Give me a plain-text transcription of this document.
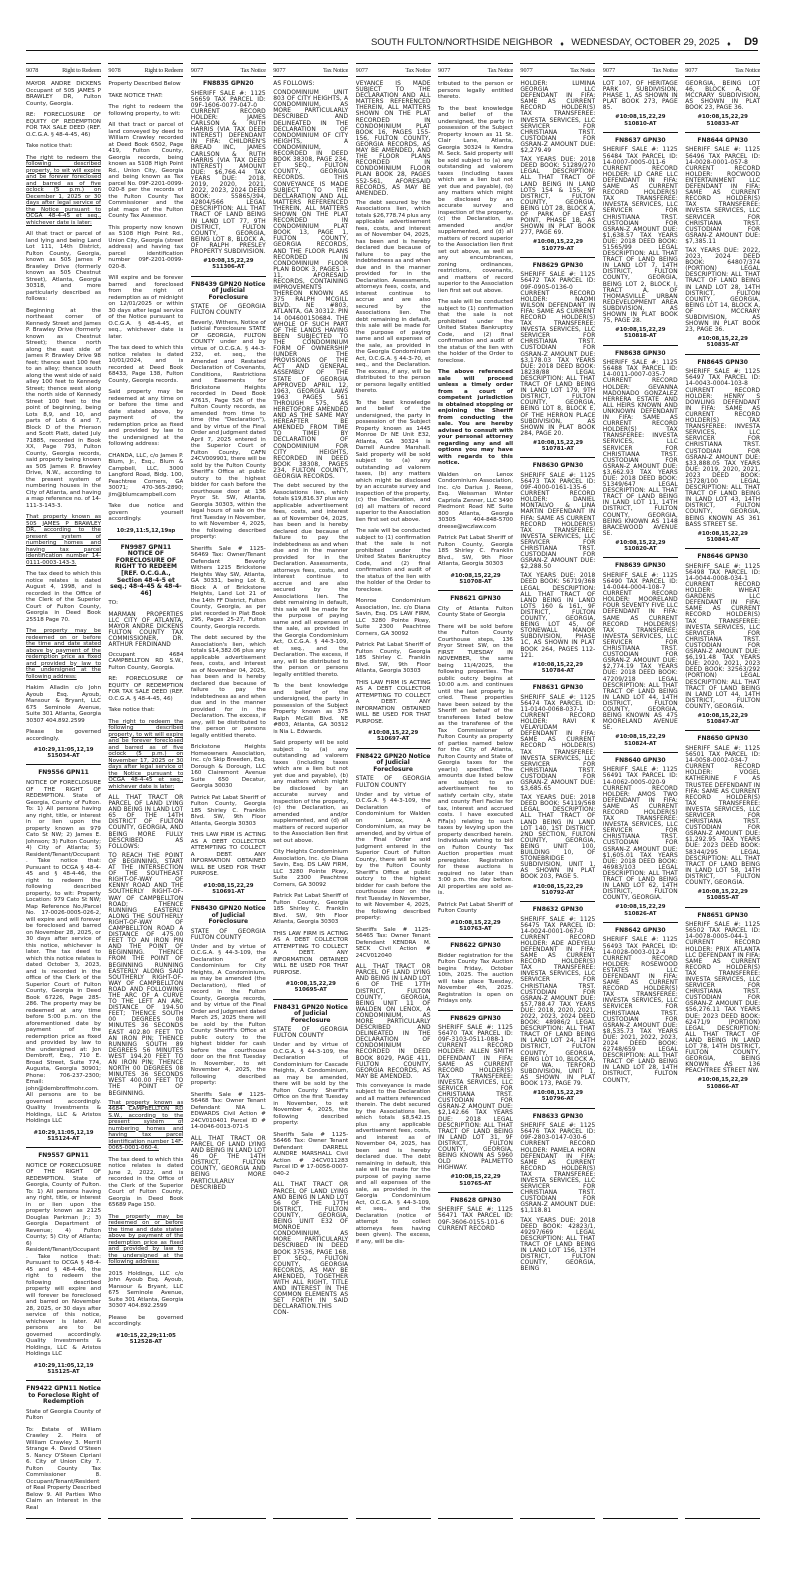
SOUTH FULTON/NORTHSIDE NEIGHBOR ♦ WEDNESDAY, OCTOBER 29, 2025 ♦ D9
9078	Right to Redeem

MAYOR ANDRE DICKENS Occupant of 505 JAMES P BRAWLEY DR, Fulton County, Georgia.

RE: FORECLOSURE OF EQUITY OF REDEMPTION FOR TAX SALE DEED (REF. O.C.G.A. § 48-4-45, 46)

Take notice that:

The right to redeem the following described property, to wit will expire and be forever foreclosed and barred as of five oclock (5 p.m.) on December 1, 2025 or 30 days after legal service of the Notice pursuant to OCGA 48-4-45 et seq., whichever date is later:

All that tract or parcel of land lying and being Land Lot 111, 14th District, Fulton County, Georgia, known as 505 James P Brawley Drive (formerly known as 505 Chestnut Street), Atlanta, Georgia 30318, and more particularly described as follows:

Beginning at the northeast corner of Kennedy Street and James P. Brawley Drive (formerly known as Chestnut Street); thence north along the east side of James P. Brawley Drive 98 feet; thence east 100 feet to an alley; thence south along the west side of said alley 100 feet to Kennedy Street; thence west along the north side of Kennedy Street 100 feet to the point of beginning, being Lots 8,9, and 10, and parts of Lots 6 and 7, Block D of the Frierson and Scott Platt, dated July 71885, recorded in Book XX, Page 793, Fulton County, Georgia records, said property being known as 505 James P. Brawley Drive, N.W., according to the present system of numbering houses in the City of Atlanta, and having a map reference no. of 14-111-3-143-3.

That property known as 505 JAMES P BRAWLEY DR, according to the present system of numbering homes and having tax parcel identification number 14-0111-0003-143-3.

The tax deed to which this notice relates is dated August 4, 1998, and is recorded in the Office of the Clerk of the Superior Court of Fulton County, Georgia in Deed Book 25518 Page 70.

The property may be redeemed on or before the time and date stated above by payment of the redemption price as fixed and provided by law to the undersigned at the following address:

Hakim Alladin c/o John Ayoub Esq. Ayoub, Mansour & Bryant, LLC 675 Seminole Avenue, Suite 301 Atlanta, Georgia 30307 404.892.2599

Please be governed accordingly.

#10:29,11:05,12,19 515034-AT

FN9556 GPN11

NOTICE OF FORECLOSURE OF THE RIGHT OF REDEMPTION. State of Georgia, County of Fulton. To: 1) All persons having any right, title, or interest in or lien upon the property known as 979 Cato St NW; 2) James E. Johnson; 3) Fulton County; 4) City of Atlanta; 5) Resident/Tenant/Occupant. Take notice that: Pursuant to OCGA § 48-4-45 and § 48-4-46, the right to redeem the following described property, to wit: Property Location: 979 Cato St NW; Map Reference No./Parcel No. 17-0026-0005-026-2, will expire and will forever be foreclosed and barred on November 28, 2025, or 30 days after service of this notice, whichever is later. The tax deed to which this notice relates is dated October 3, 2023, and is recorded in the office of the Clerk of the Superior Court of Fulton County, Georgia in Deed Book 67226, Page 285-286. The property may be redeemed at any time before 5:00 p.m. on the aforementioned date by payment of the redemption price as fixed and provided by law to the undersigned at: Jon Dembroff, Esq., 710 E. Broad Street, Suite 774, Augusta, Georgia 30901; Phone: 706-237-2300; Email: john@dembroffmohr.com. All persons are to be governed accordingly. Quality Investments & Holdings, LLC & Aristos Holdings LLC

#10:29,11:05,12,19 515124-AT

FN9557 GPN11

NOTICE OF FORECLOSURE OF THE RIGHT OF REDEMPTION. State of Georgia, County of Fulton. To: 1) All persons having any right, title, or interest in or lien upon the property known as 2125 Douglas Parkman Jr.; 3) Georgia Department of Revenue; 4) Fulton County; 5) City of Atlanta; 6) Resident/Tenant/Occupant. Take notice that: Pursuant to OCGA § 48-4-45 and § 48-4-46, the right to redeem the following described property will expire and will forever be foreclosed and barred on November 28, 2025, or 30 days after service of this notice, whichever is later. All persons are to be governed accordingly. Quality Investments & Holdings, LLC & Aristos Holdings LLC

#10:29,11:05,12,19 515125-AT

FN9422 GPN11 Notice to Foreclose Right of Redemption

State of Georgia County of Fulton

To: Estate of William Crawley 2. Heirs of William Crawley 3. Merrill Strange 4. David O'Steen 5. Nancy O'Steen Cipriani 6. City of Union City 7. Fulton County Tax Commissioner 8. Occupant/Tenant/Resident of Real Property Described Below 9. All Parties Who Claim an Interest in the Real

9078	Right to Redeem

Property Described Below

TAKE NOTICE THAT:

The right to redeem the following property, to wit:

All that tract or parcel of land conveyed by deed to William Crawley recorded at Deed Book 6502, Page 419, Fulton County, Georgia records, being known as 5108 High Point Rd., Union City, Georgia and being known as Tax parcel No. 09F-2201-0099-020-8 per the records of the Fulton County Tax Commissioner and the plat maps of the Fulton County Tax Assessor.

This property now known as 5108 High Point Rd., Union City, Georgia (street address) and having tax parcel identification number 09F-2201-0099-020-8.

Will expire and be forever barred and foreclosed from the right of redemption as of midnight on 12/01/2025 or within 30 days after legal service of the Notice pursuant to O.C.G.A. § 48-4-45, et seq., whichever date is later.

The tax deed to which this notice relates is dated 10/01/2024, and is recorded at Deed Book 68433, Page 138, Fulton County, Georgia records.

Said property may be redeemed at any time on or before the time and date stated above, by payment of the redemption price as fixed and provided by law to the undersigned at the following address:

CHANDA, LLC, c/o James P. Blum, Jr., Esq., Blum & Campbell, LLC, 3000 Langford Road, Bldg. 100, Peachtree Corners, GA 30071; 470-365-2890; jim@blumcampbell.com

Take due notice and govern yourself accordingly.

10:29,11:5,12,19sp

FN9987 GPN11 NOTICE OF FORECLOSURE OF RIGHT TO REDEEM [REF. O.C.G.A., Section 48-4-5 et seq.; 48-4-45 & 48-4-46]

TO:

MARMAN PROPERTIES LLC CITY OF ATLANTA, MAYOR ANDRE DICKENS FULTON COUNTY TAX COMMISSIONER, DR. ARTHUR FERDINAND

Occupant 4684 CAMPBELLTON RD S.W., Fulton County, Georgia.

RE: FORECLOSURE OF EQUITY OF REDEMPTION FOR TAX SALE DEED (REF. O.C.G.A. § 48-4-45, 46)

Take notice that:

The right to redeem the following described property, to wit will expire and be forever foreclosed and barred as of five oclock (5 p.m.) on November 17, 2025 or 30 days after legal service of the Notice pursuant to OCGA 48-4-45 et seq., whichever date is later:

ALL THAT TRACT OR PARCEL OF LAND LYING AND BEING IN LAND LOT 65 OF THE 14TH DISTRICT OF FULTON COUNTY, GEORGIA, AND BEING MORE FULLY DESCRIBED AS FOLLOWS:

TO REACH THE POINT OF BEGINNING, START AT THE INTERSECTION OF THE SOUTHEAST RIGHT-OF-WAY OF KENNY ROAD AND THE SOUTHERLY RIGHT-OF-WAY OF CAMPBELLTON ROAD; THENCE RUNNING EASTERLY ALONG THE SOUTHERLY RIGHT-OF-WAY OF CAMPBELLTON ROAD A DISTANCE OF 475.00 FEET TO AN IRON PIN AND THE POINT OF BEGINNING. THENCE FROM THE POINT OF BEGINNING RUNNING EASTERLY ALONG SAID SOUTHERLY RIGHT-OF-WAY OF CAMPBELLTON ROAD AND FOLLOWING THE ARC OF A CURVE TO THE LEFT AN ARC DISTANCE OF 194.50 FEET; THENCE SOUTH 00 DEGREES 08 MINUTES 36 SECONDS EAST 402.80 FEET TO AN IRON PIN; THENCE RUNNING SOUTH 89 DEGREES 56 MINUTES WEST 194.20 FEET TO AN IRON PIN; THENCE NORTH 00 DEGREES 08 MINUTES 36 SECONDS WEST 400.00 FEET TO THE POINT OF BEGINNING.

That property known as 4684 CAMPBELLTON RD S.W., according to the present system of numbering homes and having tax parcel identification number 14F-0065-0001-060-4.

The tax deed to which this notice relates is dated June 2, 2022, and is recorded in the Office of the Clerk of the Superior Court of Fulton County, Georgia in Deed Book 65689 Page 150.

The property may be redeemed on or before the time and date stated above by payment of the redemption price as fixed and provided by law to the undersigned at the following address:

2015 Holdings, LLC c/o John Ayoub Esq. Ayoub, Mansour & Bryant, LLC 675 Seminole Avenue, Suite 301 Atlanta, Georgia 30307 404.892.2599

Please be governed accordingly.

#10:15,22,29;11:05 512528-AT

9077	Tax Notice

FN8835 GPN20

SHERIFF SALE #: 1125 56659 TAX PARCEL ID: 09F-1606-0077-047-0 CURRENT RECORD HOLDER: JAMES CARLSON & RUTH HARRIS (VIA TAX DEED INTEREST) DEFENDANT IN FIFA: CHILDREN'S BREAD INC, JAMES CARLSON & RUTH HARRIS (VIA TAX DEED INTEREST) AMOUNT DUE: $6,766.44 TAX YEARS DUE: 2018, 2019, 2020, 2021, 2022, 2023, 2024 DEED BOOK: 55865/394, 42804/566 LEGAL DESCRIPTION: ALL THAT TRACT OF LAND BEING IN LAND LOT 77, 9TH DISTRICT, FULTON COUNTY, GEORGIA, BEING LOT 8, BLOCK A, OF RALPH PRESLEY PROPERTY SUBDIVISION.

#10:08,15,22,29 511306-AT

FN8439 GPN20 Notice of Judicial Foreclosure

STATE OF GEORGIA FULTON COUNTY

Beverly, Withers, Notice of Judicial Foreclosure STATE OF GEORGIA, FULTON COUNTY under and by virtue of O.C.G.A. § 44-3-232, et. seq., the Amended and Restated Declaration of Covenants, Conditions, Restrictions and Easements for Brickstone Heights recorded in Deed Book 47615, Page 526 of the Fulton County records, as amended from time to time (the "Declaration"), and by virtue of the Final Order and Judgment dated April 7, 2025 entered in the Superior Court of Fulton County, CAFN 24CV009901, there will be sold by the Fulton County Sheriff's Office at public outcry to the highest bidder for cash before the courthouse door at 136 Pryor St. SW, Atlanta, Georgia 30303, within the legal hours of sale on the first Tuesday in November, to wit November 4, 2025, the following described property:

Sheriffs Sale # 1125-56469 Tax: Owner/Tenant Defendant Beverly Withers 1215 Brickstone Heights Way SW, Atlanta, GA 30331, being Lot 8, Block A of Brickstone Heights, Land Lot 21 of the 14th FF District, Fulton County, Georgia, as per plat recorded in Plat Book 295, Pages 25-27, Fulton County, Georgia records.

The debt secured by the Association's lien, which totals $14,382.06 plus any applicable advertisement fees, costs, and interest as of November 04, 2025, has been and is hereby declared due because of failure to pay the indebtedness as and when due and in the manner provided for in the Declaration. The excess, if any, will be distributed to the person or persons legally entitled thereto.

Brickstone Heights Homeowners Association, Inc. c/o Skip Breeden, Esq. Dorough & Dorough, LLC 160 Clairemont Avenue Suite 650 Decatur, Georgia 30030

Patrick Pat Labat Sheriff of Fulton County, Georgia 185 Shirley C. Franklin Blvd. SW, 9th Floor Atlanta, Georgia 30303

THIS LAW FIRM IS ACTING AS A DEBT COLLECTOR ATTEMPTING TO COLLECT A DEBT. ANY INFORMATION OBTAINED WILL BE USED FOR THAT PURPOSE.

#10:08,15,22,29 510691-AT

FN8430 GPN20 Notice of Judicial Foreclosure

STATE OF GEORGIA FULTON COUNTY

Under and by virtue of O.C.G.A. § 44-3-109, the Declaration of Condominium for City Heights, A Condominium, as may be amended (the Declaration), filed of record in the Fulton County, Georgia records, and by virtue of the Final Order and Judgment dated March 25, 2025 there will be sold by the Fulton County Sheriff's Office at public outcry to the highest bidder for cash before the courthouse door on the first Tuesday in November, to wit November 4, 2025, the following described property:

Sheriffs Sale # 1125-56468 Tax: Owner Tenant Defendant NIA L. EDWARDS Civil Action # 24CV010401 Parcel ID # 14-0046-0013-071-5

ALL THAT TRACT OR PARCEL OF LAND LYING AND BEING IN LAND LOT 46 OF THE 14TH DISTRICT, FULTON COUNTY, GEORGIA AND BEING MORE PARTICULARLY DESCRIBED

9077	Tax Notice

AS FOLLOWS:

CONDOMINIUM UNIT 803 OF CITY HEIGHTS, A CONDOMINIUM, AS MORE PARTICULARLY DESCRIBED AND DELINEATED IN THE DECLARATION OF CONDOMINIUM OF CITY HEIGHTS, A CONDOMINIUM, RECORDED IN DEED BOOK 38308, PAGE 234, ET SEQ., FULTON COUNTY, GEORGIA RECORDS. THIS CONVEYANCE IS MADE SUBJECT TO THE DECLARATION AND ALL MATTERS REFERENCED THEREIN, ALL MATTERS SHOWN ON THE PLAT RECORDED IN CONDOMINIUM PLAT BOOK 13, PAGE 1, FULTON COUNTY, GEORGIA RECORDS, AND THE FLOOR PLANS RECORDED IN CONDOMINIUM FLOOR PLAN BOOK 3, PAGES 1-11, AFORESAID RECORDS, CONTAINING IMPROVEMENTS THEREON KNOWN AS 375 RALPH MCGILL BLVD. NE #803, ATLANTA, GA 30312. PIN 14 004600150684. THE WHOLE OF SUCH PART OF THE LANDS HAVING BEEN SUBJECTED TO THE CONDOMINIUM FORM OF OWNERSHIP (UNDER THE PROVISIONS OF THE ACT AND GENERAL ASSEMBLY OF THE STATE OF GEORGIA APPROVED APRIL 12, 1963, GEORGIA LAWS 1963 PAGES 561 THROUGH 575, AS HERETOFORE AMENDED AND AS THE SAME MAY HEREAFTER BE AMENDED FROM TIME TO TIME) BY DECLARATION OF CONDOMINIUM FOR CITY HEIGHTS, RECORDED IN DEED BOOK 38308, PAGES 234, FULTON COUNTY, GEORGIA RECORDS.

The debt secured by the Associations lien, which totals $19,816.37 plus any applicable advertisement fees, costs, and interest as of November 04, 2025, has been and is hereby declared due because of failure to pay the indebtedness as and when due and in the manner provided for in the Declaration. Assessments, attorneys fees, costs, and interest continue to accrue and are also secured by the Associations lien. The debt remaining in default, this sale will be made for the purpose of paying same and all expenses of the sale, as provided in the Georgia Condominium Act, O.C.G.A. § 44-3-109, et seq., and the Declaration. The excess, if any, will be distributed to the person or persons legally entitled thereto.

To the best knowledge and belief of the undersigned, the party in possession of the Subject Property known as 375 Ralph McGill Blvd. NE #803, Atlanta, GA 30312 is Nia L. Edwards.

Said property will be sold subject to (a) any outstanding ad valorem taxes (including taxes which are a lien but not yet due and payable), (b) any matters which might be disclosed by an accurate survey and inspection of the property, (c) the Declaration, as amended and/or supplemented, and (d) all matters of record superior to the Association lien first set out above.

City Heights Condominium Association, Inc. c/o Diana Savin, Esq. DS LAW FIRM, LLC 3280 Pointe Pkwy, Suite 2300 Peachtree Corners, GA 30092

Patrick Pat Labat Sheriff of Fulton County, Georgia 185 Shirley C. Franklin Blvd. SW, 9th Floor Atlanta, Georgia 30303

THIS LAW FIRM IS ACTING AS A DEBT COLLECTOR ATTEMPTING TO COLLECT A DEBT. ANY INFORMATION OBTAINED WILL BE USED FOR THAT PURPOSE.

#10:08,15,22,29 510695-AT

FN8431 GPN20 Notice of Judicial Foreclosure

STATE OF GEORGIA FULTON COUNTY

Under and by virtue of O.C.G.A. § 44-3-109, the Declaration of Condominium for Cascade Heights, A Condominium, as may be amended, there will be sold by the Fulton County Sheriff's Office on the first Tuesday in November, to wit November 4, 2025, the following described property:

Sheriffs Sale # 1125-56466 Tax: Owner Tenant Defendant DARRELL AUNDRE MARSHALL Civil Action # 24CV011283 Parcel ID # 17-0056-0007-040-2

ALL THAT TRACT OR PARCEL OF LAND LYING AND BEING IN LAND LOT 56 OF THE 17TH DISTRICT, FULTON COUNTY, GEORGIA, BEING UNIT E32 OF MONROE CONDOMINIUM, AS MORE PARTICULARLY DESCRIBED IN DEED BOOK 37536, PAGE 168, ET SEQ., FULTON COUNTY, GEORGIA RECORDS, AS MAY BE AMENDED, TOGETHER WITH ALL RIGHT, TITLE AND INTEREST IN THE COMMON ELEMENTS AS SET FORTH IN SAID DECLARATION.THIS CON-

9077	Tax Notice

VEYANCE IS MADE SUBJECT TO THE DECLARATION AND ALL MATTERS REFERENCED THEREIN, ALL MATTERS SHOWN ON THE PLAT RECORDED IN CONDOMINIUM PLAT BOOK 16, PAGES 155-156, FULTON COUNTY, GEORGIA RECORDS, AS MAY BE AMENDED, AND THE FLOOR PLANS RECORDED IN CONDOMINIUM FLOOR PLAN BOOK 28, PAGES 552-561, AFORESAID RECORDS, AS MAY BE AMENDED.

The debt secured by the Associations lien, which totals $26,778.74 plus any applicable advertisement fees, costs, and interest as of November 04, 2025, has been and is hereby declared due because of failure to pay the indebtedness as and when due and in the manner provided for in the Declaration. Assessments, attorneys fees, costs, and interest continue to accrue and are also secured by the Associations lien. The debt remaining in default, this sale will be made for the purpose of paying same and all expenses of the sale, as provided in the Georgia Condominium Act, O.C.G.A. § 44-3-70, et seq., and the Declaration. The excess, if any, will be distributed to the person or persons legally entitled thereto.

To the best knowledge and belief of the undersigned, the party in possession of the Subject Property known as 1445 Monroe Dr NE Unit E32, Atlanta, GA 30324 is Darrell Aundre Marshall. Said property will be sold subject to (a) any outstanding ad valorem taxes, (b) any matters which might be disclosed by an accurate survey and inspection of the property, (c) the Declaration, and (d) all matters of record superior to the Association lien first set out above.

The sale will be conducted subject to (1) confirmation that the sale is not prohibited under the United States Bankruptcy Code, and (2) final confirmation and audit of the status of the lien with the holder of the Order to foreclose.

Monroe Condominium Association, Inc. c/o Diana Savin, Esq. DS LAW FIRM, LLC 3280 Pointe Pkwy, Suite 2300 Peachtree Corners, GA 30092

Patrick Pat Labat Sheriff of Fulton County, Georgia 185 Shirley C. Franklin Blvd. SW, 9th Floor Atlanta, Georgia 30303

THIS LAW FIRM IS ACTING AS A DEBT COLLECTOR ATTEMPTING TO COLLECT A DEBT. ANY INFORMATION OBTAINED WILL BE USED FOR THAT PURPOSE.

#10:08,15,22,29 510697-AT

FN8422 GPN20 Notice of Judicial Foreclosure

STATE OF GEORGIA FULTON COUNTY

Under and by virtue of O.C.G.A. § 44-3-109, the Declaration of Condominium for Walden on Lenox, A Condominium, as may be amended, and by virtue of the Final Order and Judgment entered in the Superior Court of Fulton County, there will be sold by the Fulton County Sheriff's Office at public outcry to the highest bidder for cash before the courthouse door on the first Tuesday in November, to wit November 4, 2025, the following described property:

Sheriffs Sale # 1125-56465 Tax: Owner Tenant Defendant KENDRA M. SECK Civil Action # 24CV012040

ALL THAT TRACT OR PARCEL OF LAND LYING AND BEING IN LAND LOT 6 OF THE 17TH DISTRICT, FULTON COUNTY, GEORGIA, BEING UNIT 11 OF WALDEN ON LENOX, A CONDOMINIUM, AS MORE PARTICULARLY DESCRIBED AND DELINEATED IN THE DECLARATION OF CONDOMINIUM RECORDED IN DEED BOOK 8029, PAGE 411, FULTON COUNTY, GEORGIA RECORDS, AS MAY BE AMENDED.

This conveyance is made subject to the Declaration and all matters referenced therein. The debt secured by the Associations lien, which totals $8,542.15 plus any applicable advertisement fees, costs, and interest as of November 04, 2025, has been and is hereby declared due. The debt remaining in default, this sale will be made for the purpose of paying same and all expenses of the sale, as provided in the Georgia Condominium Act, O.C.G.A. § 44-3-109, et seq., and the Declaration (notice of attempt to collect attorneys fees having been given). The excess, if any, will be dis-

9077	Tax Notice

tributed to the person or persons legally entitled thereto.

To the best knowledge and belief of the undersigned, the party in possession of the Subject Property known as 11 St. Clair Lane, Atlanta, Georgia 30324 is Kendra M. Seck. Said property will be sold subject to (a) any outstanding ad valorem taxes (including taxes which are a lien but not yet due and payable), (b) any matters which might be disclosed by an accurate survey and inspection of the property, (c) the Declaration, as amended and/or supplemented, and (d) all matters of record superior to the Association lien first set out above, as well as any encumbrances, zoning ordinances, restrictions, covenants, and matters of record superior to the Association lien first set out above.

The sale will be conducted subject to (1) confirmation that the sale is not prohibited under the United States Bankruptcy Code, and (2) final confirmation and audit of the status of the lien with the holder of the Order to foreclose.

The above referenced sale will proceed unless a timely order from a court of competent jurisdiction is obtained stopping or enjoining the Sheriff from conducting the sale. You are hereby advised to consult with your personal attorney regarding any and all options you may have with regards to this notice.

Walden on Lenox Condominium Association, Inc. c/o Darius J. Reese, Esq. Weissman Winter Capriola Zenner, LLC 3490 Piedmont Road NE Suite 800 Atlanta, Georgia 30305 404-848-5700 dreese@wczlaw.com

Patrick Pat Labat Sheriff of Fulton County, Georgia 185 Shirley C. Franklin Blvd., SW, 9th Floor Atlanta, Georgia 30303

#10:08,15,22,29 510708-AT

FN8621 GPN30

City of Atlanta Fulton County State of Georgia

There will be sold before the Fulton County Courthouse steps, 136 Pryor Street SW, on the FIRST TUESDAY IN NOVEMBER, the same being 11/4/2025, the following properties. The public outcry begins at 10:00 a.m. and continues until the last property is cried. These properties have been seized by the Sheriff on behalf of the transferees listed below as the transferee of the Tax Commissioner of Fulton County as property of parties named below for the City of Atlanta, Fulton County and State of Georgia taxes for the year(s) specified. The amounts due listed below are subject to an advertisement fee to satisfy certain city, state and county Fieri Facias for tax, interest and accrued costs. I have executed FiFa(s) relating to such taxes by levying upon the property described herein. Individuals wishing to bid on Fulton County Tax Auction properties must preregister. Registration for these auctions is required no later than 3:00 p.m. the day before. All properties are sold as-is.

Patrick Pat Labat Sheriff of Fulton County

#10:08,15,22,29 510763-AT

FN8622 GPN30

Bidder registration for the Fulton County Tax Auction begins Friday, October 10th, 2025. The auction will take place Tuesday, November 4th, 2025. Registration is open on Fridays only.

FN8629 GPN30

SHERIFF SALE #: 1125 56470 TAX PARCEL ID: 09F-3103-0511-088-1 CURRENT RECORD HOLDER: ALLEN SMITH DEFENDANT IN FIFA: SAME AS CURRENT RECORD HOLDER(S) TAX TRANSFEREE: INVESTA SERVICES, LLC SERVICER FOR CHRISTIANA TRST. CUSTODIAN FOR GSRAN-Z AMOUNT DUE: $2,142.66 TAX YEARS DUE: 2018 LEGAL DESCRIPTION: ALL THAT TRACT OF LAND BEING IN LAND LOT 31, 9F DISTRICT, FULTON COUNTY, GEORGIA, BEING KNOWN AS 5960 OLD PALMETTO HIGHWAY.

#10:08,15,22,29 510765-AT

FN8628 GPN30

SHERIFF SALE #: 1125 56471 TAX PARCEL ID: 09F-3606-0155-101-6 CURRENT RECORD

9077	Tax Notice

HOLDER: LUMINA GEORGIA LLC DEFENDANT IN FIFA: SAME AS CURRENT RECORD HOLDER(S) TAX TRANSFEREE: INVESTA SERVICES, LLC SERVICER FOR CHRISTIANA TRST. CUSTODIAN FOR GSRAN-Z AMOUNT DUE: $2,279.49

TAX YEARS DUE: 2018 DEED BOOK: 51289/270 LEGAL DESCRIPTION: ALL THAT TRACT OF LAND BEING IN LAND LOTS 154 & 155, 9F DISTRICT, FULTON COUNTY, GEORGIA, BEING LOT 28, BLOCK A, OF PARK OF EAST POINT, PHASE 1B, AS SHOWN IN PLAT BOOK 277, PAGE 69.

#10:08,15,22,29 510779-AT

FN8629 GPN30

SHERIFF SALE #: 1125 56472 TAX PARCEL ID: 09F-0905-0136-0 CURRENT RECORD HOLDER: NAOMI WILSON DEFENDANT IN FIFA: SAME AS CURRENT RECORD HOLDER(S) TAX TRANSFEREE: INVESTA SERVICES, LLC SERVICER FOR CHRISTIANA TRST. CUSTODIAN FOR GSRAN-Z AMOUNT DUE: $3,178.03 TAX YEARS DUE: 2018 DEED BOOK: 18238/88 LEGAL DESCRIPTION: ALL THAT TRACT OF LAND BEING IN LAND LOT 179, 9TH DISTRICT, FULTON COUNTY, GEORGIA, BEING LOT 8, BLOCK E, OF THE HERRON PLACE SUBDIVISION, AS SHOWN IN PLAT BOOK 284, PAGE 20.

#10:08,15,22,29 510781-AT

FN8630 GPN30

SHERIFF SALE #: 1125 56473 TAX PARCEL ID: 09F-4000-0161-135-6 CURRENT RECORD HOLDER: DANIEL MONTALVO & LINA MARTIN DEFENDANT IN FIFA: SAME AS CURRENT RECORD HOLDER(S) TAX TRANSFEREE: INVESTA SERVICES, LLC SERVICER FOR CHRISTIANA TRST. CUSTODIAN FOR GSRAN-Z AMOUNT DUE: $2,288.50

TAX YEARS DUE: 2018 DEED BOOK: 56719/368 LEGAL DESCRIPTION: ALL THAT TRACT OF LAND BEING IN LAND LOTS 160 & 161, 9F DISTRICT, FULTON COUNTY, GEORGIA, BEING LOT 45, OF STONEWALL MANOR SUBDIVISION, PHASE 1C, AS SHOWN IN PLAT BOOK 264, PAGES 112-121.

#10:08,15,22,29 510784-AT

FN8631 GPN30

SHERIFF SALE #: 1125 56474 TAX PARCEL ID: 11-0140-0068-037-1 CURRENT RECORD HOLDER: RAVI K VELAYUDAM DEFENDANT IN FIFA: SAME AS CURRENT RECORD HOLDER(S) TAX TRANSFEREE: INVESTA SERVICES, LLC SERVICER FOR CHRISTIANA TRST. CUSTODIAN FOR GSRAN-Z AMOUNT DUE: $3,685.65

TAX YEARS DUE: 2018 DEED BOOK: 54119/568 LEGAL DESCRIPTION: ALL THAT TRACT OF LAND BEING IN LAND LOT 140, 1ST DISTRICT, 2ND SECTION, FULTON COUNTY, GEORGIA, BEING UNIT 100, BUILDING 10, OF STONEBRIDGE SUBDIVISION, UNIT 1, AS SHOWN IN PLAT BOOK 203, PAGE 5.

#10:08,15,22,29 510792-AT

FN8632 GPN30

SHERIFF SALE #: 1125 56475 TAX PARCEL ID: 14-0024-0001-067-0 CURRENT RECORD HOLDER: ADE ADEYELU DEFENDANT IN FIFA: SAME AS CURRENT RECORD HOLDER(S) TAX TRANSFEREE: INVESTA SERVICES, LLC SERVICER FOR CHRISTIANA TRST. CUSTODIAN FOR GSRAN-Z AMOUNT DUE: $57,788.47 TAX YEARS DUE: 2018, 2020, 2021, 2022, 2023, 2024 DEED BOOK: 48986/2 LEGAL DESCRIPTION: ALL THAT TRACT OF LAND BEING IN LAND LOT 24, 14TH DISTRICT, FULTON COUNTY, GEORGIA, BEING LOT 10, BLOCK A, OF WA. TERFORD SUBDIVISION, UNIT 1, AS SHOWN IN PLAT BOOK 173, PAGE 79.

#10:08,15,22,29 510796-AT

FN8633 GPN30

SHERIFF SALE #: 1125 56476 TAX PARCEL ID: 09F-2803-0147-030-6 CURRENT RECORD HOLDER: PAMELA HORN DEFENDANT IN FIFA: SAME AS CURRENT RECORD HOLDER(S) TAX TRANSFEREE: INVESTA SERVICES, LLC SERVICER FOR CHRISTIANA TRST. CUSTODIAN FOR GSRAN-Z AMOUNT DUE: $1,118.81

TAX YEARS DUE: 2018 DEED BOOK: 42823/1, 49297/669 LEGAL DESCRIPTION: ALL THAT TRACT OF LAND BEING IN LAND LOT 156, 13TH DISTRICT, FULTON COUNTY, GEORGIA, BEING

9077	Tax Notice

LOT 107, OF HERITAGE PARK SUBDIVISION, PHASE 1, AS SHOWN IN PLAT BOOK 273, PAGE 85.

#10:08,15,22,29 510810-AT

FN8637 GPN30

SHERIFF SALE #: 1125 56484 TAX PARCEL ID: 14-0007-0005-011-6 CURRENT RECORD HOLDER: LD CARE LLC DEFENDANT IN FIFA: SAME AS CURRENT RECORD HOLDER(S) TAX TRANSFEREE: INVESTA SERVICES, LLC SERVICER FOR CHRISTIANA TRST. CUSTODIAN FOR GSRAN-Z AMOUNT DUE: $1,638.57 TAX YEARS DUE: 2018 DEED BOOK: 51565/99 LEGAL DESCRIPTION: ALL THAT TRACT OF LAND BEING IN LAND LOT 7, 14TH DISTRICT, FULTON COUNTY, GEORGIA, BEING LOT 2, BLOCK I, TRACT A, OF THOMASVILLE URBAN REDEVELOPMENT AREA SUBDIVISION, AS SHOWN IN PLAT BOOK 75, PAGE 28.

#10:08,15,22,29 510818-AT

FN8638 GPN30

SHERIFF SALE #: 1125 56488 TAX PARCEL ID: 14-0011-0007-035-7 CURRENT RECORD HOLDER: GEVANNA MADONADO GONZALEZ HERRERA ESTATE AND ALL HEIRS KNOWN AND UNKNOWN DEFENDANT IN FIFA: SAME AS CURRENT RECORD HOLDER(S) TAX TRANSFEREE: INVESTA SERVICES, LLC SERVICER FOR CHRISTIANA TRST. CUSTODIAN FOR GSRAN-Z AMOUNT DUE: $3,662.93 TAX YEARS DUE: 2018 DEED BOOK: 51349/647 LEGAL DESCRIPTION: ALL THAT TRACT OF LAND BEING IN LAND LOT 11, 14TH DISTRICT, FULTON COUNTY, GEORGIA, BEING KNOWN AS 1148 BRACEWOOD AVENUE SE.

#10:08,15,22,29 510820-AT

FN8639 GPN30

SHERIFF SALE #: 1125 56490 TAX PARCEL ID: 14-0044-0004-108-7 CURRENT RECORD HOLDER: MOORELAND FOUR SEVENTY FIVE LLC DEFENDANT IN FIFA: SAME AS CURRENT RECORD HOLDER(S) TAX TRANSFEREE: INVESTA SERVICES, LLC SERVICER FOR CHRISTIANA TRST. CUSTODIAN FOR GSRAN-Z AMOUNT DUE: $2,774.19 TAX YEARS DUE: 2018 DEED BOOK: 47209/218 LEGAL DESCRIPTION: ALL THAT TRACT OF LAND BEING IN LAND LOT 44, 14TH DISTRICT, FULTON COUNTY, GEORGIA, BEING KNOWN AS 475 MOORELAND AVENUE SE.

#10:08,15,22,29 510824-AT

FN8640 GPN30

SHERIFF SALE #: 1125 56491 TAX PARCEL ID: 14-0062-0005-020-9 CURRENT RECORD HOLDER: AMOS TWO DEFENDANT IN FIFA: SAME AS CURRENT RECORD HOLDER(S) TAX TRANSFEREE: INVESTA SERVICES, LLC SERVICER FOR CHRISTIANA TRST. CUSTODIAN FOR GSRAN-Z AMOUNT DUE: $1,605.01 TAX YEARS DUE: 2018 DEED BOOK: 46983/103 LEGAL DESCRIPTION: ALL THAT TRACT OF LAND BEING IN LAND LOT 62, 14TH DISTRICT, FULTON COUNTY, GEORGIA.

#10:08,15,22,29 510826-AT

FN8642 GPN30

SHERIFF SALE #: 1125 56493 TAX PARCEL ID: 14-0028-0003-012-4 CURRENT RECORD HOLDER: ROSEWOOD ESTATES LLC DEFENDANT IN FIFA: SAME AS CURRENT RECORD HOLDER(S) TAX TRANSFEREE: INVESTA SERVICES, LLC SERVICER FOR CHRISTIANA TRST. CUSTODIAN FOR GSRAN-Z AMOUNT DUE: $8,535.73 TAX YEARS DUE: 2021, 2022, 2023, 2024 DEED BOOK: 62748/659 LEGAL DESCRIPTION: ALL THAT TRACT OF LAND BEING IN LAND LOT 28, 14TH DISTRICT, FULTON COUNTY,

9077	Tax Notice

GEORGIA, BEING LOT 46, BLOCK A, OF MCCRARY SUBDIVISION, AS SHOWN IN PLAT BOOK 23, PAGE 36.

#10:08,15,22,29 510833-AT

FN8644 GPN30

SHERIFF SALE #: 1125 56496 TAX PARCEL ID: 14-0028-0001-057-8 CURRENT RECORD HOLDER: ROCWOOD ENTERTAINMENT LLC DEFENDANT IN FIFA: SAME AS CURRENT RECORD HOLDER(S) TAX TRANSFEREE: INVESTA SERVICES, LLC SERVICER FOR CHRISTIANA TRST. CUSTODIAN FOR GSRAN-Z AMOUNT DUE: $7,385.11

TAX YEARS DUE: 2022, 2023, 2024 DEED BOOK: 64807/374 (PORTION) LEGAL DESCRIPTION: ALL THAT TRACT OF LAND BEING IN LAND LOT 28, 14TH DISTRICT, FULTON COUNTY, GEORGIA, BEING LOT 14, BLOCK A, OF MCCRARY SUBDIVISION, AS SHOWN IN PLAT BOOK 23, PAGE 36.

#10:08,15,22,29 510835-AT

FN8645 GPN30

SHERIFF SALE #: 1125 56497 TAX PARCEL ID: 14-0043-0004-103-8 CURRENT RECORD HOLDER: HENRY S DOWLING DEFENDANT IN FIFA: SAME AS CURRENT RECORD HOLDER(S) TAX TRANSFEREE: INVESTA SERVICES, LLC SERVICER FOR CHRISTIANA TRST. CUSTODIAN FOR GSRAN-Z AMOUNT DUE: $33,888.05 TAX YEARS DUE: 2019, 2020, 2021, 2023 DEED BOOK: 15728/100 LEGAL DESCRIPTION: ALL THAT TRACT OF LAND BEING IN LAND LOT 43, 14TH DISTRICT, FULTON COUNTY, GEORGIA, BEING KNOWN AS 361 BASS STREET SE.

#10:08,15,22,29 510841-AT

FN8646 GPN30

SHERIFF SALE #: 1125 56498 TAX PARCEL ID: 14-0044-0008-034-1 CURRENT RECORD HOLDER: WHEAT GARDENS LLC DEFENDANT IN FIFA: SAME AS CURRENT RECORD HOLDER(S) TAX TRANSFEREE: INVESTA SERVICES, LLC SERVICER FOR CHRISTIANA TRST. CUSTODIAN FOR GSRAN-Z AMOUNT DUE: $6,191.48 TAX YEARS DUE: 2020, 2021, 2023 DEED BOOK: 32563/292 (PORTION) LEGAL DESCRIPTION: ALL THAT TRACT OF LAND BEING IN LAND LOT 44, 14TH DISTRICT, FULTON COUNTY, GEORGIA.

#10:08,15,22,29 510847-AT

FN8650 GPN30

SHERIFF SALE #: 1125 56501 TAX PARCEL ID: 14-0058-0002-034-7 CURRENT RECORD HOLDER: VOGEL KATHERINE F AS TRUSTEE DEFENDANT IN FIFA: SAME AS CURRENT RECORD HOLDER(S) TAX TRANSFEREE: INVESTA SERVICES, LLC SERVICER FOR CHRISTIANA TRST. CUSTODIAN FOR GSRAN-Z AMOUNT DUE: $1,292.95 TAX YEARS DUE: 2023 DEED BOOK: 58344/295 LEGAL DESCRIPTION: ALL THAT TRACT OF LAND BEING IN LAND LOT 58, 14TH DISTRICT, FULTON COUNTY, GEORGIA.

#10:08,15,22,29 510855-AT

FN8651 GPN30

SHERIFF SALE #: 1125 56502 TAX PARCEL ID: 14-0078-0005-044-1 CURRENT RECORD HOLDER: PRIX ATLANTA LLC DEFENDANT IN FIFA: SAME AS CURRENT RECORD HOLDER(S) TAX TRANSFEREE: INVESTA SERVICES, LLC SERVICER FOR CHRISTIANA TRST. CUSTODIAN FOR GSRAN-Z AMOUNT DUE: $56,276.11 TAX YEARS DUE: 2023 DEED BOOK: 62471/9 (PORTION) LEGAL DESCRIPTION: ALL THAT TRACT OF LAND BEING IN LAND LOT 78, 14TH DISTRICT, FULTON COUNTY, GEORGIA, BEING KNOWN AS 136 PEACHTREE STREET NW.

#10:08,15,22,29 510866-AT
